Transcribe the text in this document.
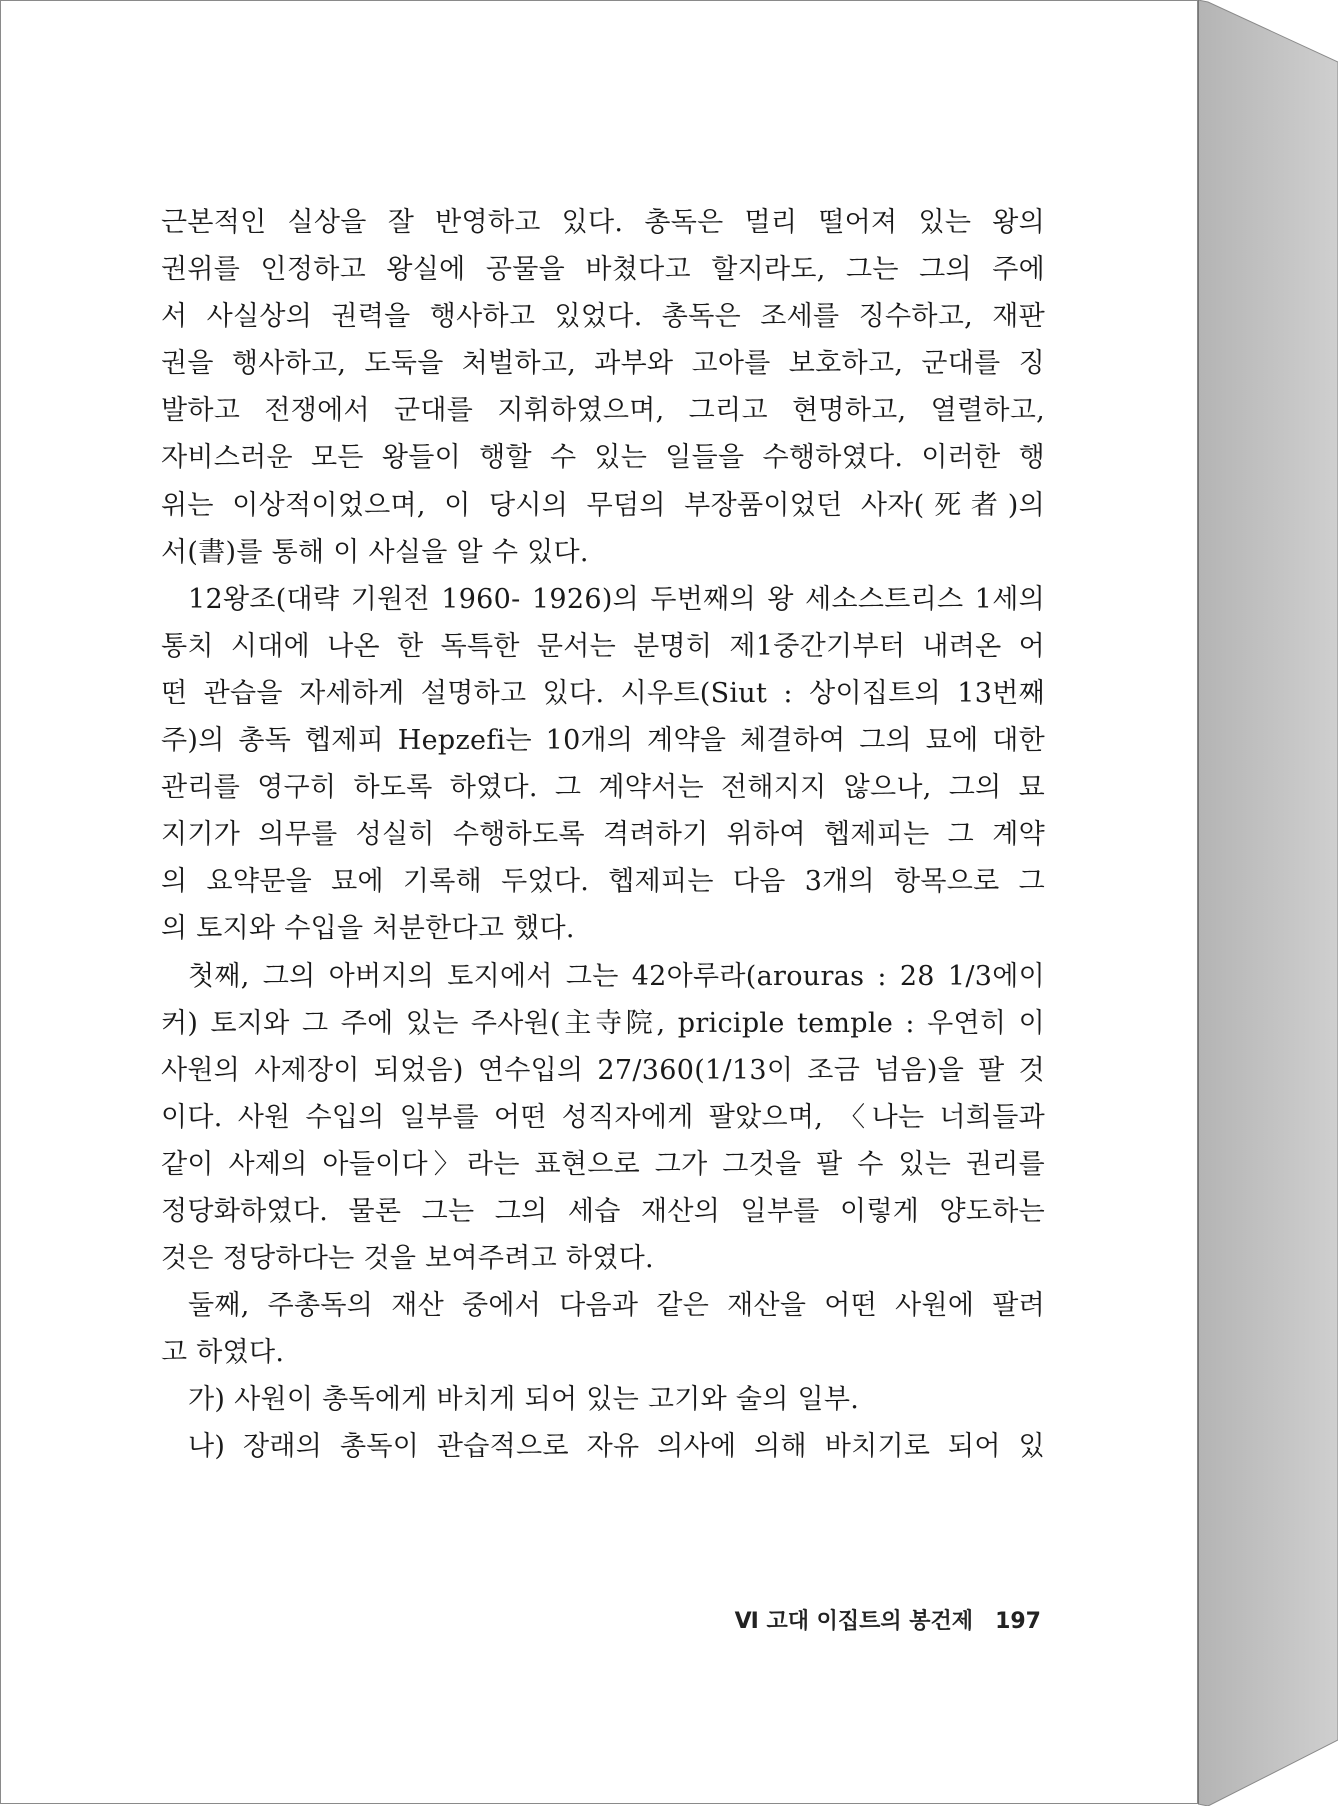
근본적인 실상을 잘 반영하고 있다. 총독은 멀리 떨어져 있는 왕의
권위를 인정하고 왕실에 공물을 바쳤다고 할지라도, 그는 그의 주에
서 사실상의 권력을 행사하고 있었다. 총독은 조세를 징수하고, 재판
권을 행사하고, 도둑을 처벌하고, 과부와 고아를 보호하고, 군대를 징
발하고 전쟁에서 군대를 지휘하였으며, 그리고 현명하고, 열렬하고,
자비스러운 모든 왕들이 행할 수 있는 일들을 수행하였다. 이러한 행
위는 이상적이었으며, 이 당시의 무덤의 부장품이었던 사자(死者)의
서(書)를 통해 이 사실을 알 수 있다.
12왕조(대략 기원전 1960- 1926)의 두번째의 왕 세소스트리스 1세의
통치 시대에 나온 한 독특한 문서는 분명히 제1중간기부터 내려온 어
떤 관습을 자세하게 설명하고 있다. 시우트(Siut : 상이집트의 13번째
주)의 총독 헵제피 Hepzefi는 10개의 계약을 체결하여 그의 묘에 대한
관리를 영구히 하도록 하였다. 그 계약서는 전해지지 않으나, 그의 묘
지기가 의무를 성실히 수행하도록 격려하기 위하여 헵제피는 그 계약
의 요약문을 묘에 기록해 두었다. 헵제피는 다음 3개의 항목으로 그
의 토지와 수입을 처분한다고 했다.
첫째, 그의 아버지의 토지에서 그는 42아루라(arouras : 28 1/3에이
커) 토지와 그 주에 있는 주사원(主寺院, priciple temple : 우연히 이
사원의 사제장이 되었음) 연수입의 27/360(1/13이 조금 넘음)을 팔 것
이다. 사원 수입의 일부를 어떤 성직자에게 팔았으며, 〈나는 너희들과
같이 사제의 아들이다〉라는 표현으로 그가 그것을 팔 수 있는 권리를
정당화하였다. 물론 그는 그의 세습 재산의 일부를 이렇게 양도하는
것은 정당하다는 것을 보여주려고 하였다.
둘째, 주총독의 재산 중에서 다음과 같은 재산을 어떤 사원에 팔려
고 하였다.
가) 사원이 총독에게 바치게 되어 있는 고기와 술의 일부.
나) 장래의 총독이 관습적으로 자유 의사에 의해 바치기로 되어 있
Ⅵ 고대 이집트의 봉건제 197
